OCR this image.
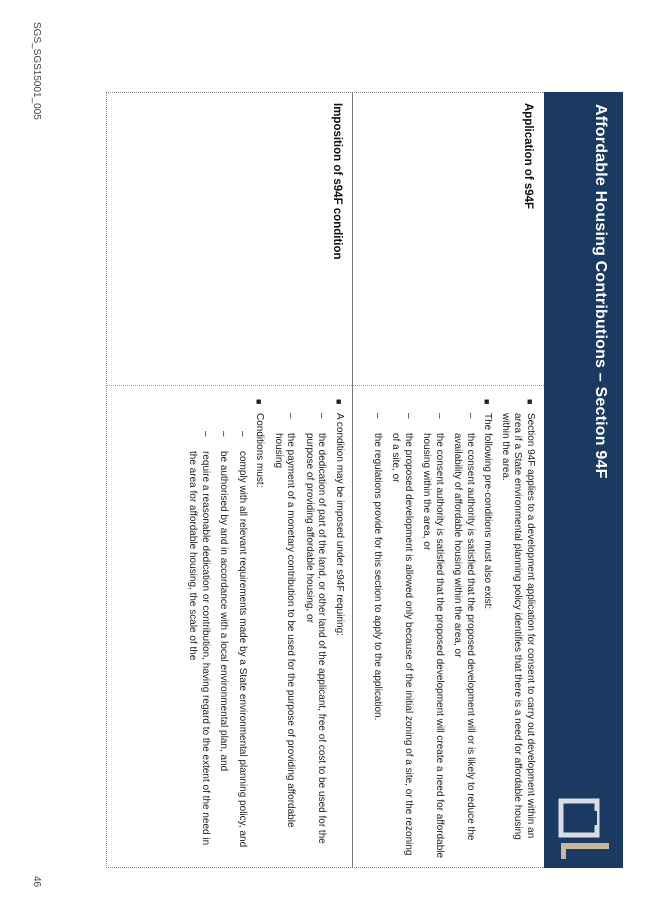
Affordable Housing Contributions – Section 94F
Application of s94F
■
Section 94F applies to a development application for consent to carry out development within an area if a State environmental planning policy identifies that there is a need for affordable housing within the area.
■
The following pre-conditions must also exist:
–
the consent authority is satisfied that the proposed development will or is likely to reduce the availability of affordable housing within the area, or
–
the consent authority is satisfied that the proposed development will create a need for affordable housing within the area, or
–
the proposed development is allowed only because of the initial zoning of a site, or the rezoning of a site, or
–
the regulations provide for this section to apply to the application.
Imposition of s94F condition
■
A condition may be imposed under s94F requiring:
–
the dedication of part of the land, or other land of the applicant, free of cost to be used for the purpose of providing affordable housing, or
–
the payment of a monetary contribution to be used for the purpose of providing affordable housing
■
Conditions must:
–
comply with all relevant requirements made by a State environmental planning policy, and
–
be authorised by and in accordance with a local environmental plan, and
–
require a reasonable dedication or contribution, having regard to the extent of the need in the area for affordable housing, the scale of the
SGS_SGS15001_005
46
